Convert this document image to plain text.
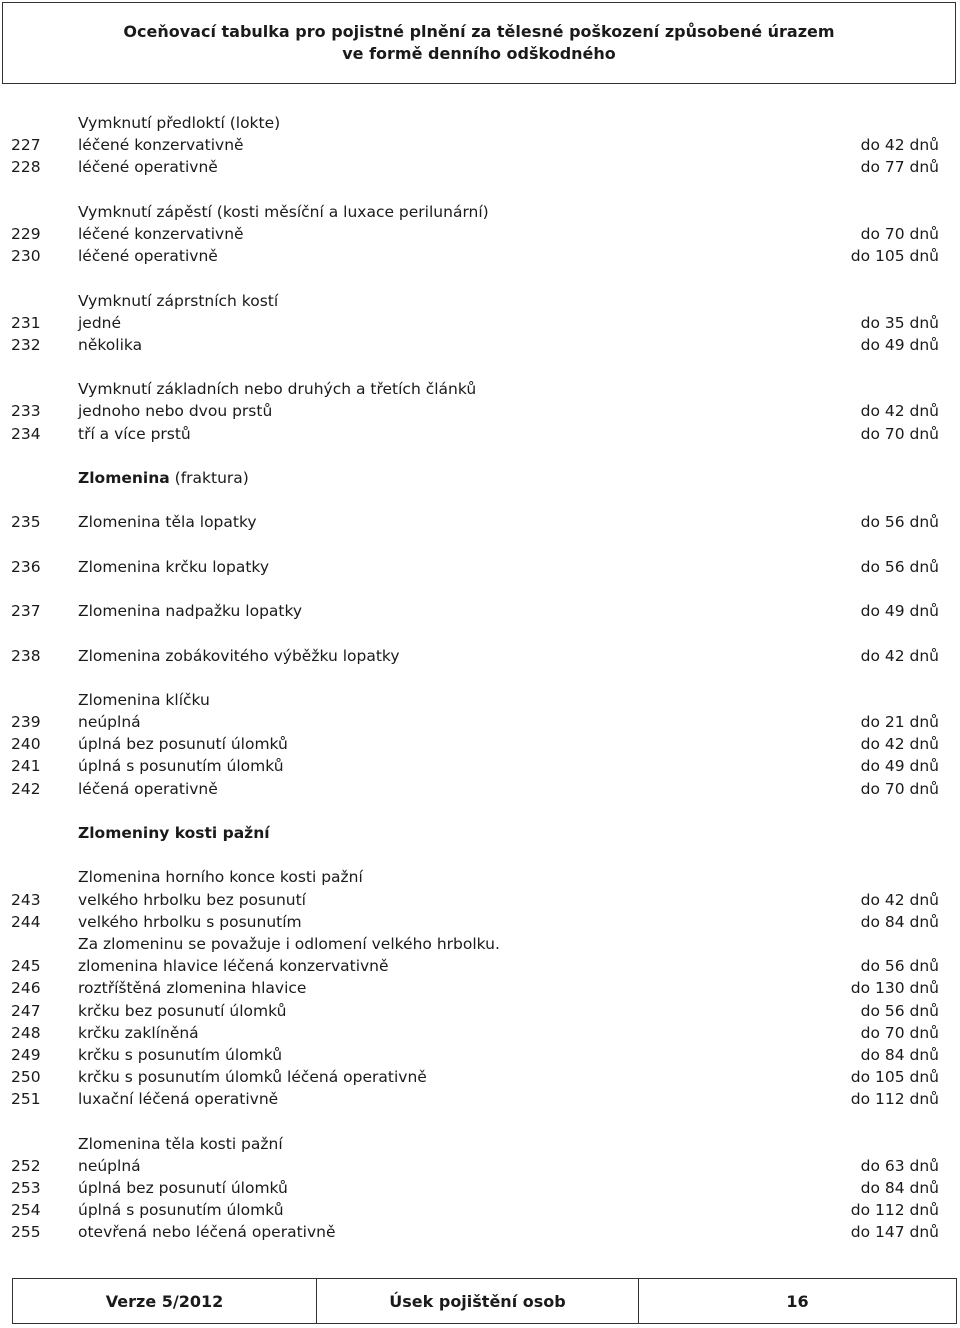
Oceňovací tabulka pro pojistné plnění za tělesné poškození způsobené úrazem
ve formě denního odškodného
Vymknutí předloktí (lokte)
227 léčené konzervativně	do 42 dnů
228 léčené operativně	do 77 dnů
Vymknutí zápěstí (kosti měsíční a luxace perilunární)
229 léčené konzervativně	do 70 dnů
230 léčené operativně	do 105 dnů
Vymknutí záprstních kostí
231 jedné	do 35 dnů
232 několika	do 49 dnů
Vymknutí základních nebo druhých a třetích článků
233 jednoho nebo dvou prstů	do 42 dnů
234 tří a více prstů	do 70 dnů
Zlomenina (fraktura)
235 Zlomenina těla lopatky	do 56 dnů
236 Zlomenina krčku lopatky	do 56 dnů
237 Zlomenina nadpažku lopatky	do 49 dnů
238 Zlomenina zobákovitého výběžku lopatky	do 42 dnů
Zlomenina klíčku
239 neúplná	do 21 dnů
240 úplná bez posunutí úlomků	do 42 dnů
241 úplná s posunutím úlomků	do 49 dnů
242 léčená operativně	do 70 dnů
Zlomeniny kosti pažní
Zlomenina horního konce kosti pažní
243 velkého hrbolku bez posunutí	do 42 dnů
244 velkého hrbolku s posunutím	do 84 dnů
Za zlomeninu se považuje i odlomení velkého hrbolku.
245 zlomenina hlavice léčená konzervativně	do 56 dnů
246 roztříštěná zlomenina hlavice	do 130 dnů
247 krčku bez posunutí úlomků	do 56 dnů
248 krčku zaklíněná	do 70 dnů
249 krčku s posunutím úlomků	do 84 dnů
250 krčku s posunutím úlomků léčená operativně	do 105 dnů
251 luxační léčená operativně	do 112 dnů
Zlomenina těla kosti pažní
252 neúplná	do 63 dnů
253 úplná bez posunutí úlomků	do 84 dnů
254 úplná s posunutím úlomků	do 112 dnů
255 otevřená nebo léčená operativně	do 147 dnů
Verze 5/2012	Úsek pojištění osob	16
